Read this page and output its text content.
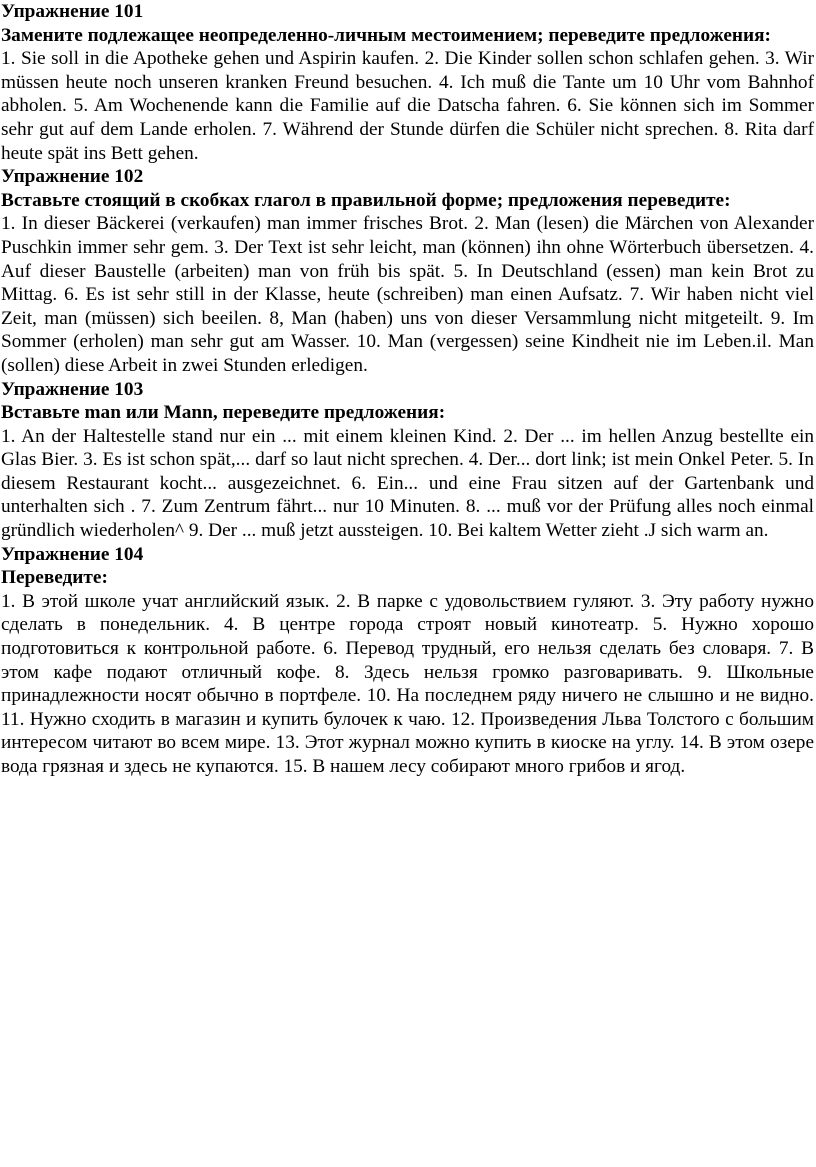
Упражнение 101

Замените подлежащее неопределенно-личным местоимением; переведите предложения:

1. Sie soll in die Apotheke gehen und Aspirin kaufen. 2. Die Kinder sollen schon schlafen gehen. 3. Wir müssen heute noch unseren kranken Freund besuchen. 4. Ich muß die Tante um 10 Uhr vom Bahnhof abholen. 5. Am Wochenende kann die Familie auf die Datscha fahren. 6. Sie können sich im Sommer sehr gut auf dem Lande erholen. 7. Während der Stunde dürfen die Schüler nicht sprechen. 8. Rita darf heute spät ins Bett gehen.

Упражнение 102

Вставьте стоящий в скобках глагол в правильной форме; предложения переведите:

1. In dieser Bäckerei (verkaufen) man immer frisches Brot. 2. Man (lesen) die Märchen von Alexander Puschkin immer sehr gem. 3. Der Text ist sehr leicht, man (können) ihn ohne Wörterbuch übersetzen. 4. Auf dieser Baustelle (arbeiten) man von früh bis spät. 5. In Deutschland (essen) man kein Brot zu Mittag. 6. Es ist sehr still in der Klasse, heute (schreiben) man einen Aufsatz. 7. Wir haben nicht viel Zeit, man (müssen) sich beeilen. 8, Man (haben) uns von dieser Versammlung nicht mitgeteilt. 9. Im Sommer (erholen) man sehr gut am Wasser. 10. Man (vergessen) seine Kindheit nie im Leben.il. Man (sollen) diese Arbeit in zwei Stunden erledigen.

Упражнение 103

Вставьте man или Mann, переведите предложения:

1. An der Haltestelle stand nur ein ... mit einem kleinen Kind. 2. Der ... im hellen Anzug bestellte ein Glas Bier. 3. Es ist schon spät,... darf so laut nicht sprechen. 4. Der... dort link; ist mein Onkel Peter. 5. In diesem Restaurant kocht... ausgezeichnet. 6. Ein... und eine Frau sitzen auf der Gartenbank und unterhalten sich . 7. Zum Zentrum fährt... nur 10 Minuten. 8. ... muß vor der Prüfung alles noch einmal gründlich wiederholen^ 9. Der ... muß jetzt aussteigen. 10. Bei kaltem Wetter zieht .J sich warm an.

Упражнение 104

Переведите:

1. В этой школе учат английский язык. 2. В парке с удовольствием гуляют. 3. Эту работу нужно сделать в понедельник. 4. В центре города строят новый кинотеатр. 5. Нужно хорошо подготовиться к контрольной работе. 6. Перевод трудный, его нельзя сделать без словаря. 7. В этом кафе подают отличный кофе. 8. Здесь нельзя громко разговаривать. 9. Школьные принадлежности носят обычно в портфеле. 10. На последнем ряду ничего не слышно и не видно. 11. Нужно сходить в магазин и купить булочек к чаю. 12. Произведения Льва Толстого с большим интересом читают во всем мире. 13. Этот журнал можно купить в киоске на углу. 14. В этом озере вода грязная и здесь не купаются. 15. В нашем лесу собирают много грибов и ягод.
